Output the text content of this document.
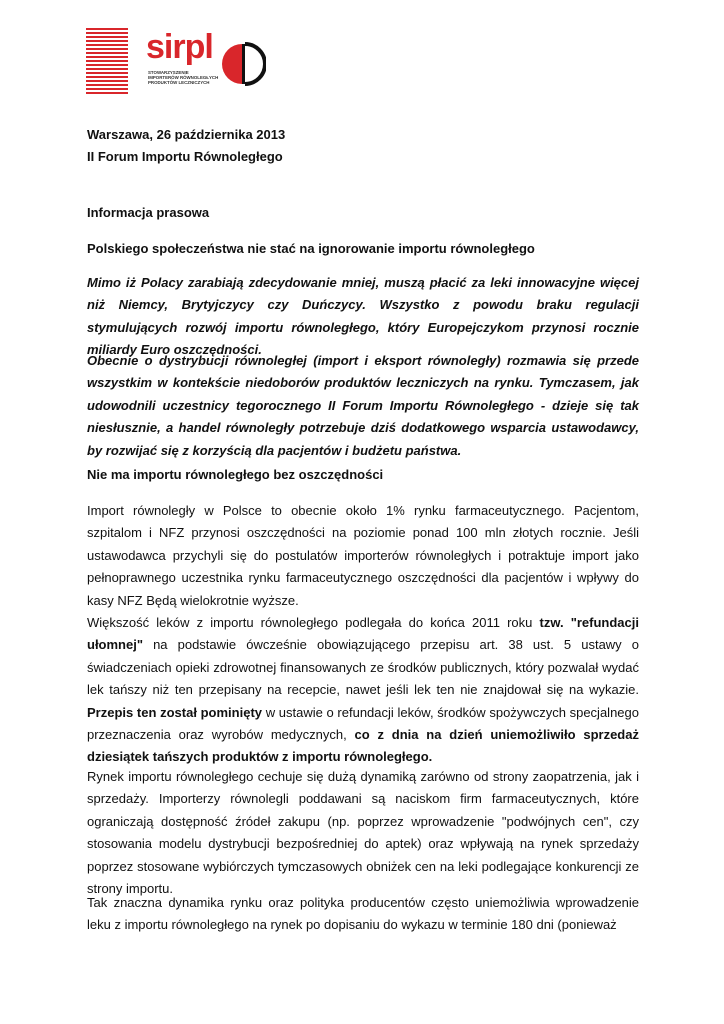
sirpl
STOWARZYSZENIE
IMPORTERÓW RÓWNOLEGŁYCH
PRODUKTÓW LECZNICZYCH
Warszawa, 26 października 2013
II Forum Importu Równoległego
Informacja prasowa
Polskiego społeczeństwa nie stać na ignorowanie importu równoległego

Mimo iż Polacy zarabiają zdecydowanie mniej, muszą płacić za leki innowacyjne więcej niż Niemcy, Brytyjczycy czy Duńczycy. Wszystko z powodu braku regulacji stymulujących rozwój importu równoległego, który Europejczykom przynosi rocznie miliardy Euro oszczędności.

Obecnie o dystrybucji równoległej (import i eksport równoległy) rozmawia się przede wszystkim w kontekście niedoborów produktów leczniczych na rynku. Tymczasem, jak udowodnili uczestnicy tegorocznego II Forum Importu Równoległego - dzieje się tak niesłusznie, a handel równoległy potrzebuje dziś dodatkowego wsparcia ustawodawcy, by rozwijać się z korzyścią dla pacjentów i budżetu państwa.

Nie ma importu równoległego bez oszczędności

Import równoległy w Polsce to obecnie około 1% rynku farmaceutycznego. Pacjentom, szpitalom i NFZ przynosi oszczędności na poziomie ponad 100 mln złotych rocznie. Jeśli ustawodawca przychyli się do postulatów importerów równoległych i potraktuje import jako pełnoprawnego uczestnika rynku farmaceutycznego oszczędności dla pacjentów i wpływy do kasy NFZ Będą wielokrotnie wyższe.

Większość leków z importu równoległego podlegała do końca 2011 roku tzw. "refundacji ułomnej" na podstawie ówcześnie obowiązującego przepisu art. 38 ust. 5 ustawy o świadczeniach opieki zdrowotnej finansowanych ze środków publicznych, który pozwalał wydać lek tańszy niż ten przepisany na recepcie, nawet jeśli lek ten nie znajdował się na wykazie. Przepis ten został pominięty w ustawie o refundacji leków, środków spożywczych specjalnego przeznaczenia oraz wyrobów medycznych, co z dnia na dzień uniemożliwiło sprzedaż dziesiątek tańszych produktów z importu równoległego.

Rynek importu równoległego cechuje się dużą dynamiką zarówno od strony zaopatrzenia, jak i sprzedaży. Importerzy równolegli poddawani są naciskom firm farmaceutycznych, które ograniczają dostępność źródeł zakupu (np. poprzez wprowadzenie "podwójnych cen", czy stosowania modelu dystrybucji bezpośredniej do aptek) oraz wpływają na rynek sprzedaży poprzez stosowane wybiórczych tymczasowych obniżek cen na leki podlegające konkurencji ze strony importu.

Tak znaczna dynamika rynku oraz polityka producentów często uniemożliwia wprowadzenie leku z importu równoległego na rynek po dopisaniu do wykazu w terminie 180 dni (ponieważ
